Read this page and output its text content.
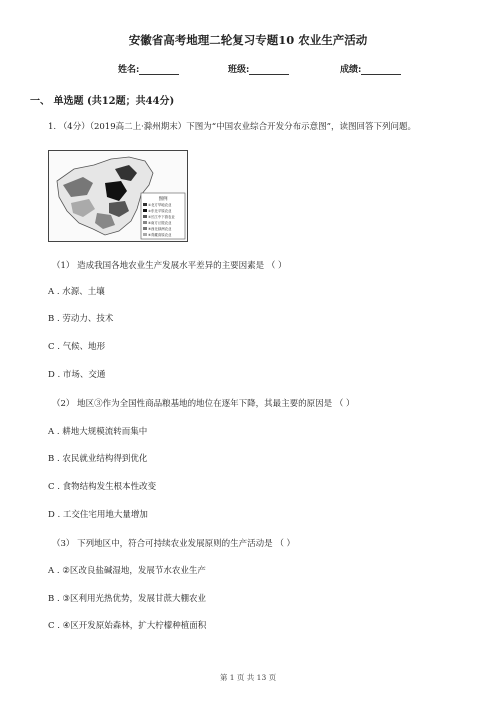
安徽省高考地理二轮复习专题10 农业生产活动
姓名:	班级:	成绩:
一、 单选题 (共12题；共44分)
1. （4分）（2019高二上·滁州期末）下图为“中国农业综合开发分布示意图”，读图回答下列问题。
图例
①北方旱地农业
②东北平原农业
③长江中下游农业
④南方丘陵农业
⑤西北绿洲农业
⑥青藏高原农业
（1） 造成我国各地农业生产发展水平差异的主要因素是 （ ）
A . 水源、土壤
B . 劳动力、技术
C . 气候、地形
D . 市场、交通
（2） 地区③作为全国性商品粮基地的地位在逐年下降，其最主要的原因是 （ ）
A . 耕地大规模流转而集中
B . 农民就业结构得到优化
C . 食物结构发生根本性改变
D . 工交住宅用地大量增加
（3） 下列地区中，符合可持续农业发展原则的生产活动是 （ ）
A . ②区改良盐碱湿地，发展节水农业生产
B . ③区利用光热优势，发展甘蔗大棚农业
C . ④区开发原始森林，扩大柠檬种植面积
第 1 页 共 13 页
